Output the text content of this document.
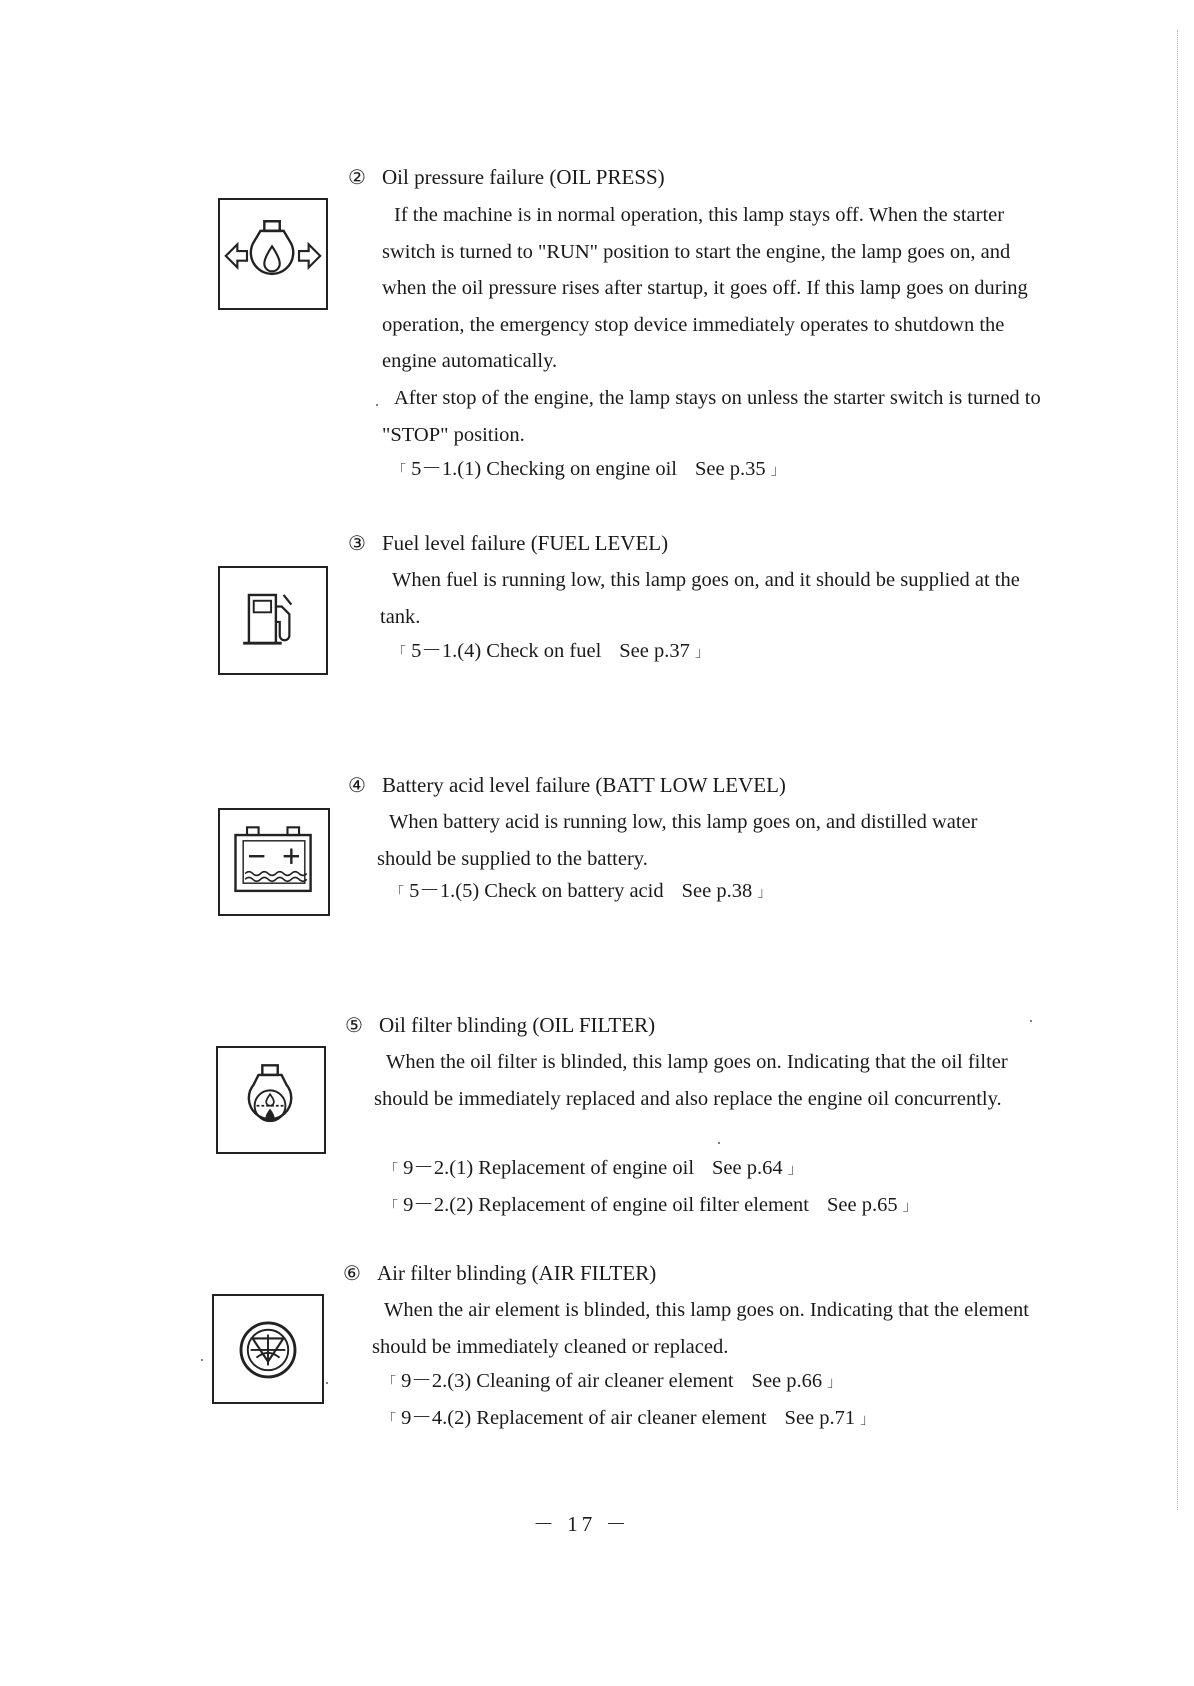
② Oil pressure failure (OIL PRESS)
If the machine is in normal operation, this lamp stays off. When the starter switch is turned to "RUN" position to start the engine, the lamp goes on, and when the oil pressure rises after startup, it goes off. If this lamp goes on during operation, the emergency stop device immediately operates to shutdown the engine automatically.
After stop of the engine, the lamp stays on unless the starter switch is turned to "STOP" position.
「 5－1.(1) Checking on engine oil See p.35 」
③ Fuel level failure (FUEL LEVEL)
When fuel is running low, this lamp goes on, and it should be supplied at the tank.
「 5－1.(4) Check on fuel See p.37 」
④ Battery acid level failure (BATT LOW LEVEL)
When battery acid is running low, this lamp goes on, and distilled water should be supplied to the battery.
「 5－1.(5) Check on battery acid See p.38 」
⑤ Oil filter blinding (OIL FILTER)
When the oil filter is blinded, this lamp goes on. Indicating that the oil filter should be immediately replaced and also replace the engine oil concurrently.
「 9－2.(1) Replacement of engine oil See p.64 」
「 9－2.(2) Replacement of engine oil filter element See p.65 」
⑥ Air filter blinding (AIR FILTER)
When the air element is blinded, this lamp goes on. Indicating that the element should be immediately cleaned or replaced.
「 9－2.(3) Cleaning of air cleaner element See p.66 」
「 9－4.(2) Replacement of air cleaner element See p.71 」
－ 17 －
